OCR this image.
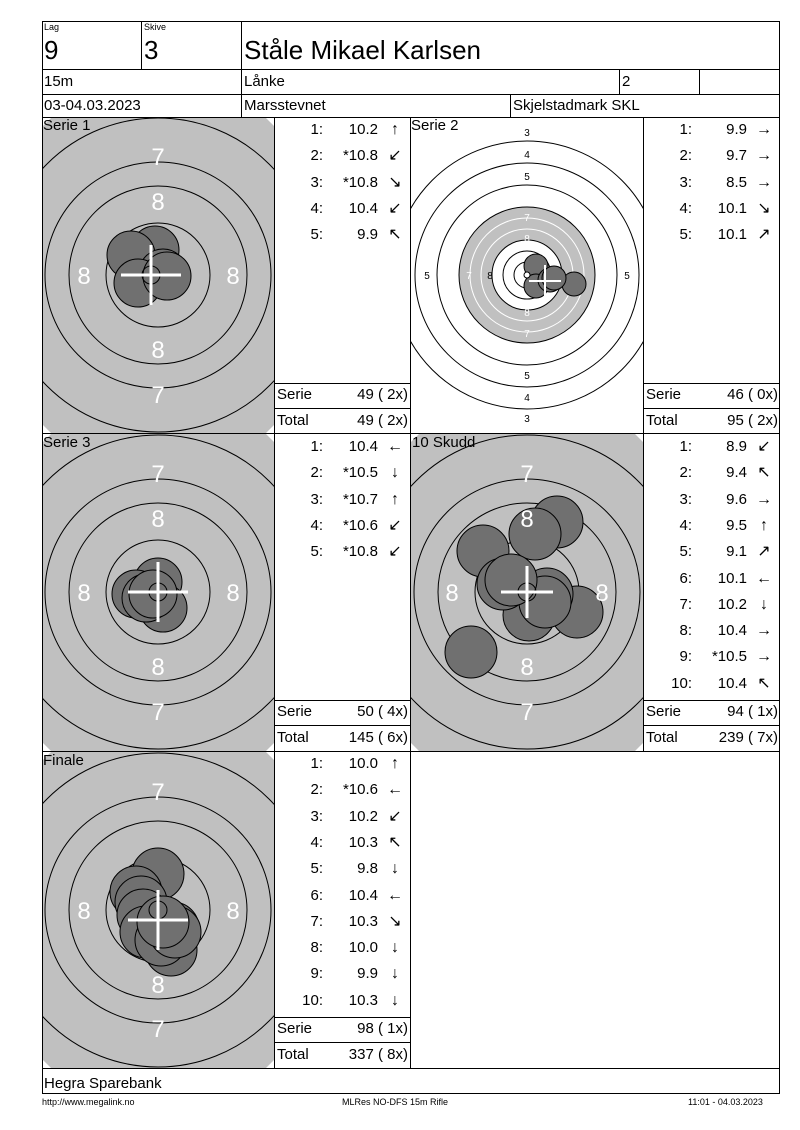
Lag
9
Skive
3	Ståle Mikael Karlsen
15m	Lånke	2
03-04.03.2023	Marsstevnet	Skjelstadmark SKL
7
8
8
7
8	8
Serie 1	3
4
5
6
7
8
8
7
6
5
4
3
5 6 7 8	6 5
Serie 2
7
8
8
7
8	8
Serie 3
7
8
8
7
8	8
10 Skudd
7
8
7
8	8
Finale
1:	10.2 ↑
2:	*10.8 ↙
3:	*10.8 ↘
4:	10.4 ↙
5:	9.9 ↖
1:	9.9 →
2:	9.7 →
3:	8.5 →
4:	10.1 ↘
5:	10.1 ↗
1:	10.4 ←
2:	*10.5 ↓
3:	*10.7 ↑
4:	*10.6 ↙
5:	*10.8 ↙
1:	8.9 ↙
2:	9.4 ↖
3:	9.6 →
4:	9.5 ↑
5:	9.1 ↗
6:	10.1 ←
7:	10.2 ↓
8:	10.4 →
9:	*10.5 →
10:	10.4 ↖
1:	10.0 ↑
2:	*10.6 ←
3:	10.2 ↙
4:	10.3 ↖
5:	9.8 ↓
6:	10.4 ←
7:	10.3 ↘
8:	10.0 ↓
9:	9.9 ↓
10:	10.3 ↓
Serie	49 ( 2x)
Total	49 ( 2x)
Serie	46 ( 0x)
Total	95 ( 2x)
Serie	50 ( 4x)
Total	145 ( 6x)
Serie	94 ( 1x)
Total	239 ( 7x)
Serie	98 ( 1x)
Total	337 ( 8x)
Hegra Sparebank
http://www.megalink.no	MLRes NO-DFS 15m Rifle	11:01 - 04.03.2023
